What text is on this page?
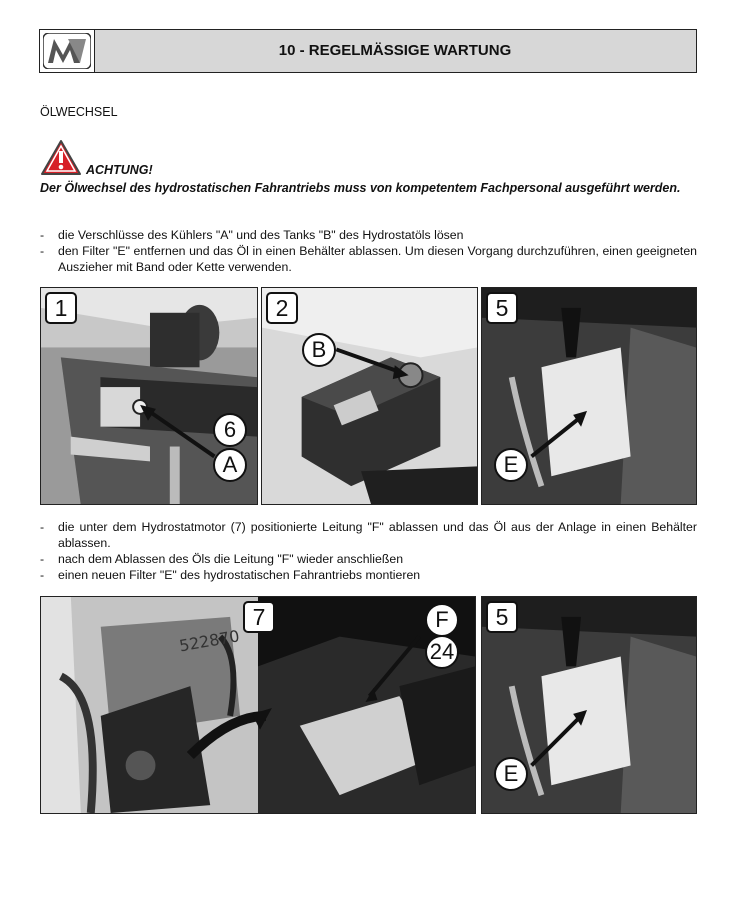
10 - REGELMÄSSIGE WARTUNG
ÖLWECHSEL
ACHTUNG!
Der Ölwechsel des hydrostatischen Fahrantriebs muss von kompetentem Fachpersonal ausgeführt werden.
- die Verschlüsse des Kühlers "A" und des Tanks "B" des Hydrostatöls lösen
- den Filter "E" entfernen und das Öl in einen Behälter ablassen. Um diesen Vorgang durchzuführen, einen geeigneten Auszieher mit Band oder Kette verwenden.
1
6
A
2
B
5
E
- die unter dem Hydrostatmotor (7) positionierte Leitung "F" ablassen und das Öl aus der Anlage in einen Behälter ablassen.
- nach dem Ablassen des Öls die Leitung "F" wieder anschließen
- einen neuen Filter "E" des hydrostatischen Fahrantriebs montieren
522870
7	F
24
5
E
